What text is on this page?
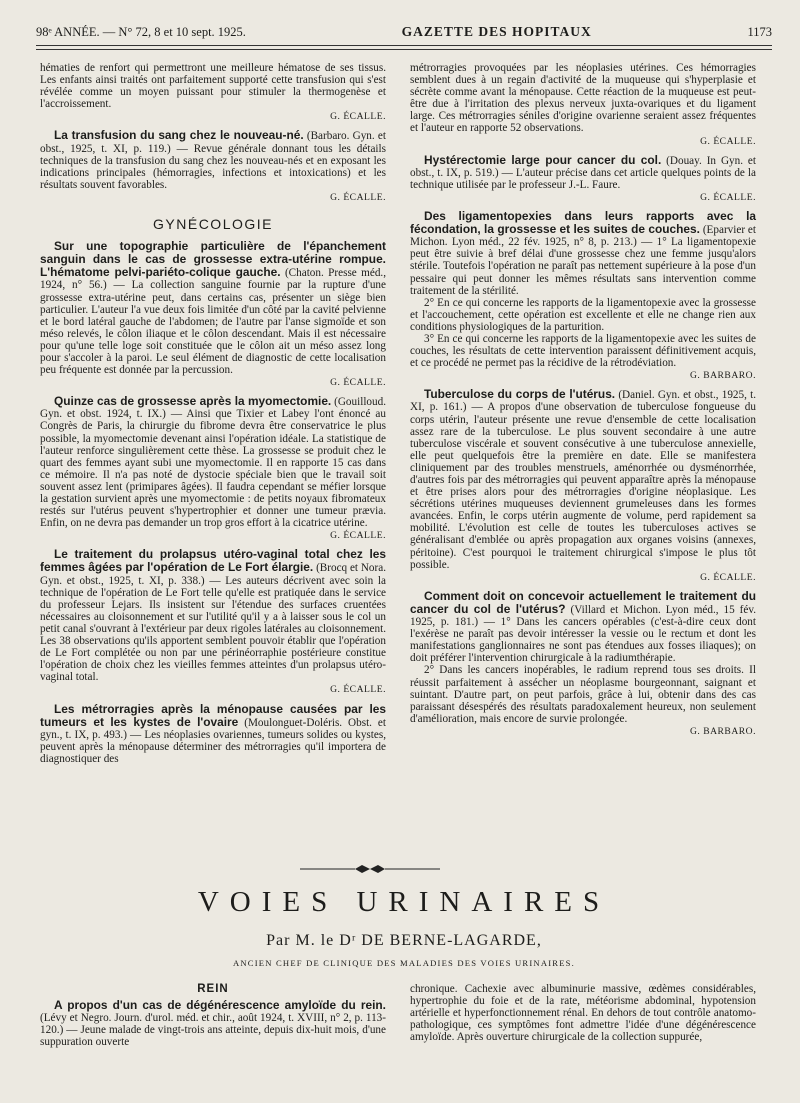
98ᵉ ANNÉE. — N° 72, 8 et 10 sept. 1925.	GAZETTE DES HOPITAUX	1173

hématies de renfort qui permettront une meilleure hématose de ses tissus. Les enfants ainsi traités ont parfaitement supporté cette transfusion qui s'est révélée comme un moyen puissant pour stimuler la thermogenèse et l'accroissement.

G. ÉCALLE.

La transfusion du sang chez le nouveau-né. (Barbaro. Gyn. et obst., 1925, t. XI, p. 119.) — Revue générale donnant tous les détails techniques de la transfusion du sang chez les nouveau-nés et en exposant les indications principales (hémorragies, infections et intoxications) et les résultats souvent favorables.

G. ÉCALLE.
GYNÉCOLOGIE

Sur une topographie particulière de l'épanchement sanguin dans le cas de grossesse extra-utérine rompue. L'hématome pelvi-pariéto-colique gauche. (Chaton. Presse méd., 1924, n° 56.) — La collection sanguine fournie par la rupture d'une grossesse extra-utérine peut, dans certains cas, présenter un siège bien particulier. L'auteur l'a vue deux fois limitée d'un côté par la cavité pelvienne et le bord latéral gauche de l'abdomen; de l'autre par l'anse sigmoïde et son méso relevés, le côlon iliaque et le côlon descendant. Mais il est nécessaire pour qu'une telle loge soit constituée que le côlon ait un méso assez long pour s'accoler à la paroi. Le seul élément de diagnostic de cette localisation peu fréquente est donnée par la percussion.

G. ÉCALLE.

Quinze cas de grossesse après la myomectomie. (Gouilloud. Gyn. et obst. 1924, t. IX.) — Ainsi que Tixier et Labey l'ont énoncé au Congrès de Paris, la chirurgie du fibrome devra être conservatrice le plus possible, la myomectomie devenant ainsi l'opération idéale. La statistique de l'auteur renforce singulièrement cette thèse. La grossesse se produit chez le quart des femmes ayant subi une myomectomie. Il en rapporte 15 cas dans ce mémoire. Il n'a pas noté de dystocie spéciale bien que le travail soit souvent assez lent (primipares âgées). Il faudra cependant se méfier lorsque la gestation survient après une myomectomie : de petits noyaux fibromateux restés sur l'utérus peuvent s'hypertrophier et donner une tumeur prævia. Enfin, on ne devra pas demander un trop gros effort à la cicatrice utérine.

G. ÉCALLE.

Le traitement du prolapsus utéro-vaginal total chez les femmes âgées par l'opération de Le Fort élargie. (Brocq et Nora. Gyn. et obst., 1925, t. XI, p. 338.) — Les auteurs décrivent avec soin la technique de l'opération de Le Fort telle qu'elle est pratiquée dans le service du professeur Lejars. Ils insistent sur l'étendue des surfaces cruentées nécessaires au cloisonnement et sur l'utilité qu'il y a à laisser sous le col un petit canal s'ouvrant à l'extérieur par deux rigoles latérales au cloisonnement. Les 38 observations qu'ils apportent semblent pouvoir établir que l'opération de Le Fort complétée ou non par une périnéorraphie postérieure constitue l'opération de choix chez les vieilles femmes atteintes d'un prolapsus utéro-vaginal total.

G. ÉCALLE.

Les métrorragies après la ménopause causées par les tumeurs et les kystes de l'ovaire (Moulonguet-Doléris. Obst. et gyn., t. IX, p. 493.) — Les néoplasies ovariennes, tumeurs solides ou kystes, peuvent après la ménopause déterminer des métrorragies qu'il importera de diagnostiquer des

métrorragies provoquées par les néoplasies utérines. Ces hémorragies semblent dues à un regain d'activité de la muqueuse qui s'hyperplasie et sécrète comme avant la ménopause. Cette réaction de la muqueuse est peut-être due à l'irritation des plexus nerveux juxta-ovariques et du ligament large. Ces métrorragies séniles d'origine ovarienne seraient assez fréquentes et l'auteur en rapporte 52 observations.

G. ÉCALLE.

Hystérectomie large pour cancer du col. (Douay. In Gyn. et obst., t. IX, p. 519.) — L'auteur précise dans cet article quelques points de la technique utilisée par le professeur J.-L. Faure.

G. ÉCALLE.

Des ligamentopexies dans leurs rapports avec la fécondation, la grossesse et les suites de couches. (Eparvier et Michon. Lyon méd., 22 fév. 1925, n° 8, p. 213.) — 1° La ligamentopexie peut être suivie à bref délai d'une grossesse chez une femme jusqu'alors stérile. Toutefois l'opération ne paraît pas nettement supérieure à la pose d'un pessaire qui peut donner les mêmes résultats sans intervention comme traitement de la stérilité.

2° En ce qui concerne les rapports de la ligamentopexie avec la grossesse et l'accouchement, cette opération est excellente et elle ne change rien aux conditions physiologiques de la parturition.

3° En ce qui concerne les rapports de la ligamentopexie avec les suites de couches, les résultats de cette intervention paraissent définitivement acquis, et ce procédé ne permet pas la récidive de la rétrodéviation.

G. BARBARO.

Tuberculose du corps de l'utérus. (Daniel. Gyn. et obst., 1925, t. XI, p. 161.) — A propos d'une observation de tuberculose fongueuse du corps utérin, l'auteur présente une revue d'ensemble de cette localisation assez rare de la tuberculose. Le plus souvent secondaire à une autre tuberculose viscérale et souvent consécutive à une tuberculose annexielle, elle peut quelquefois être la première en date. Elle se manifestera cliniquement par des troubles menstruels, aménorrhée ou dysménorrhée, d'autres fois par des métrorragies qui peuvent apparaître après la ménopause et être prises alors pour des métrorragies d'origine néoplasique. Les sécrétions utérines muqueuses deviennent grumeleuses dans les formes avancées. Enfin, le corps utérin augmente de volume, perd rapidement sa mobilité. L'évolution est celle de toutes les tuberculoses actives se généralisant d'emblée ou après propagation aux organes voisins (annexes, péritoine). C'est pourquoi le traitement chirurgical s'impose le plus tôt possible.

G. ÉCALLE.

Comment doit on concevoir actuellement le traitement du cancer du col de l'utérus? (Villard et Michon. Lyon méd., 15 fév. 1925, p. 181.) — 1° Dans les cancers opérables (c'est-à-dire ceux dont l'exérèse ne paraît pas devoir intéresser la vessie ou le rectum et dont les manifestations ganglionnaires ne sont pas étendues aux fosses iliaques); on doit préférer l'intervention chirurgicale à la radiumthérapie.

2° Dans les cancers inopérables, le radium reprend tous ses droits. Il réussit parfaitement à assécher un néoplasme bourgeonnant, saignant et suintant. D'autre part, on peut parfois, grâce à lui, obtenir dans des cas paraissant désespérés des résultats paradoxalement heureux, non seulement d'amélioration, mais encore de survie prolongée.

G. BARBARO.
VOIES URINAIRES
Par M. le Dʳ DE BERNE-LAGARDE,
ANCIEN CHEF DE CLINIQUE DES MALADIES DES VOIES URINAIRES.
REIN

A propos d'un cas de dégénérescence amyloïde du rein. (Lévy et Negro. Journ. d'urol. méd. et chir., août 1924, t. XVIII, n° 2, p. 113-120.) — Jeune malade de vingt-trois ans atteinte, depuis dix-huit mois, d'une suppuration ouverte

chronique. Cachexie avec albuminurie massive, œdèmes considérables, hypertrophie du foie et de la rate, météorisme abdominal, hypotension artérielle et hyperfonctionnement rénal. En dehors de tout contrôle anatomo-pathologique, ces symptômes font admettre l'idée d'une dégénérescence amyloïde. Après ouverture chirurgicale de la collection suppurée,
